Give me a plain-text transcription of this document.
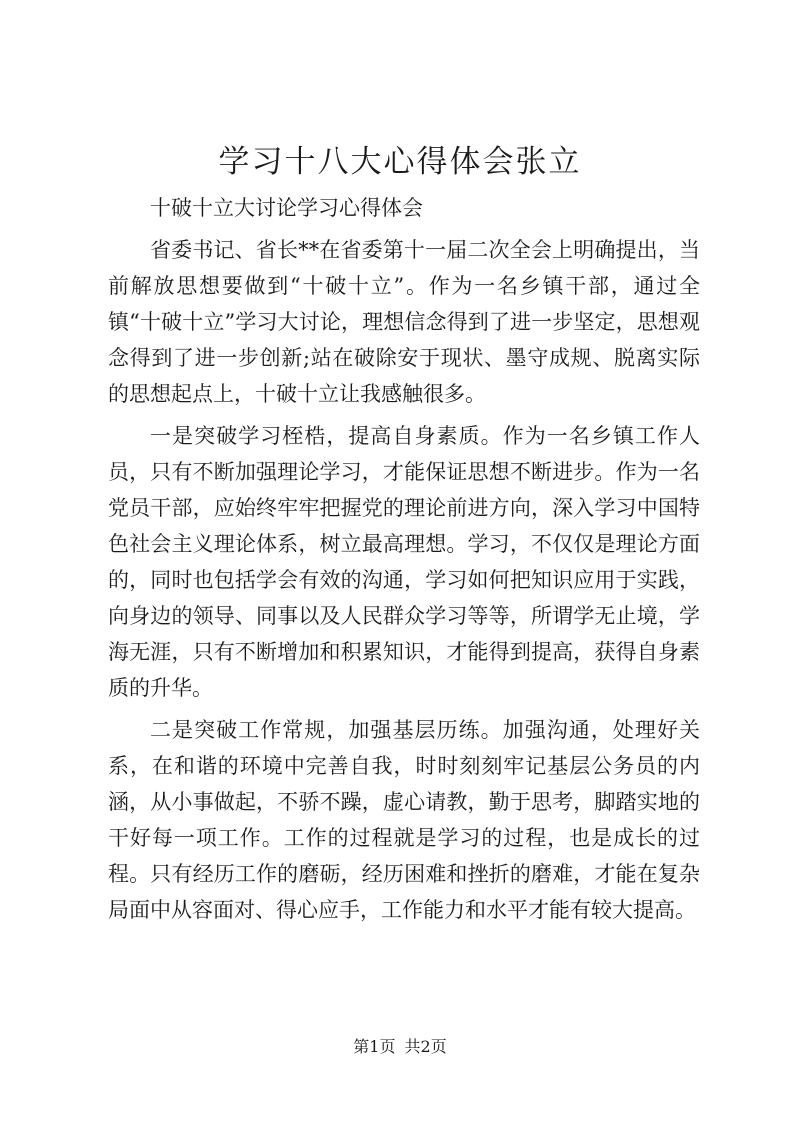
学习十八大心得体会张立

十破十立大讨论学习心得体会

省委书记、省长**在省委第十一届二次全会上明确提出，当前解放思想要做到“十破十立”。作为一名乡镇干部，通过全镇“十破十立”学习大讨论，理想信念得到了进一步坚定，思想观念得到了进一步创新;站在破除安于现状、墨守成规、脱离实际的思想起点上，十破十立让我感触很多。

一是突破学习桎梏，提高自身素质。作为一名乡镇工作人员，只有不断加强理论学习，才能保证思想不断进步。作为一名党员干部，应始终牢牢把握党的理论前进方向，深入学习中国特色社会主义理论体系，树立最高理想。学习，不仅仅是理论方面的，同时也包括学会有效的沟通，学习如何把知识应用于实践，向身边的领导、同事以及人民群众学习等等，所谓学无止境，学海无涯，只有不断增加和积累知识，才能得到提高，获得自身素质的升华。

二是突破工作常规，加强基层历练。加强沟通，处理好关系，在和谐的环境中完善自我，时时刻刻牢记基层公务员的内涵，从小事做起，不骄不躁，虚心请教，勤于思考，脚踏实地的干好每一项工作。工作的过程就是学习的过程，也是成长的过程。只有经历工作的磨砺，经历困难和挫折的磨难，才能在复杂局面中从容面对、得心应手，工作能力和水平才能有较大提高。

第1页 共2页
